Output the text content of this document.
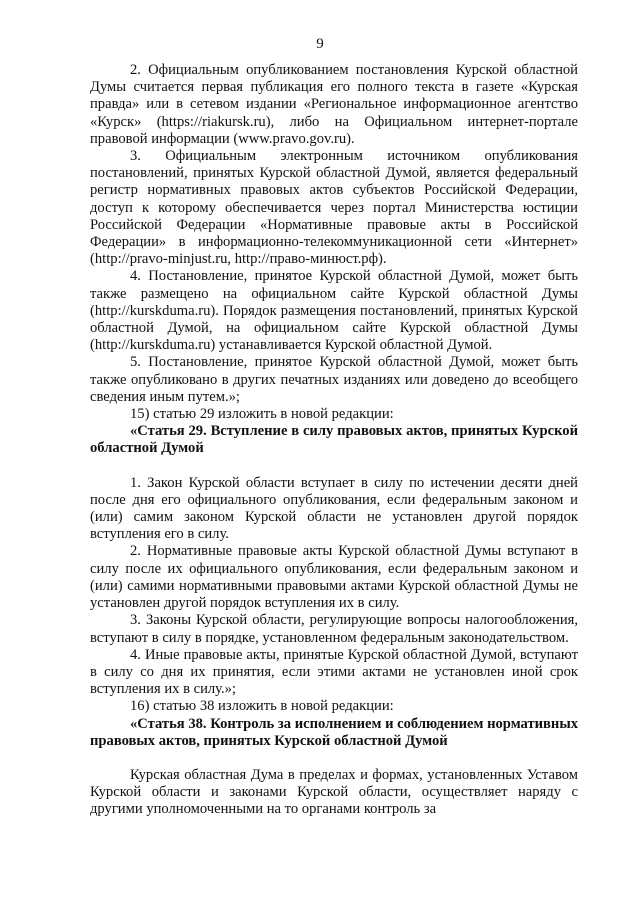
9

2. Официальным опубликованием постановления Курской областной Думы считается первая публикация его полного текста в газете «Курская правда» или в сетевом издании «Региональное информационное агентство «Курск» (https://riakursk.ru), либо на Официальном интернет-портале правовой информации (www.pravo.gov.ru).

3. Официальным электронным источником опубликования постановлений, принятых Курской областной Думой, является федеральный регистр нормативных правовых актов субъектов Российской Федерации, доступ к которому обеспечивается через портал Министерства юстиции Российской Федерации «Нормативные правовые акты в Российской Федерации» в информационно-телекоммуникационной сети «Интернет» (http://pravo-minjust.ru, http://право-минюст.рф).

4. Постановление, принятое Курской областной Думой, может быть также размещено на официальном сайте Курской областной Думы (http://kurskduma.ru). Порядок размещения постановлений, принятых Курской областной Думой, на официальном сайте Курской областной Думы (http://kurskduma.ru) устанавливается Курской областной Думой.

5. Постановление, принятое Курской областной Думой, может быть также опубликовано в других печатных изданиях или доведено до всеобщего сведения иным путем.»;

15) статью 29 изложить в новой редакции:

«Статья 29. Вступление в силу правовых актов, принятых Курской областной Думой

1. Закон Курской области вступает в силу по истечении десяти дней после дня его официального опубликования, если федеральным законом и (или) самим законом Курской области не установлен другой порядок вступления его в силу.

2. Нормативные правовые акты Курской областной Думы вступают в силу после их официального опубликования, если федеральным законом и (или) самими нормативными правовыми актами Курской областной Думы не установлен другой порядок вступления их в силу.

3. Законы Курской области, регулирующие вопросы налогообложения, вступают в силу в порядке, установленном федеральным законодательством.

4. Иные правовые акты, принятые Курской областной Думой, вступают в силу со дня их принятия, если этими актами не установлен иной срок вступления их в силу.»;

16) статью 38 изложить в новой редакции:

«Статья 38. Контроль за исполнением и соблюдением нормативных правовых актов, принятых Курской областной Думой

Курская областная Дума в пределах и формах, установленных Уставом Курской области и законами Курской области, осуществляет наряду с другими уполномоченными на то органами контроль за
